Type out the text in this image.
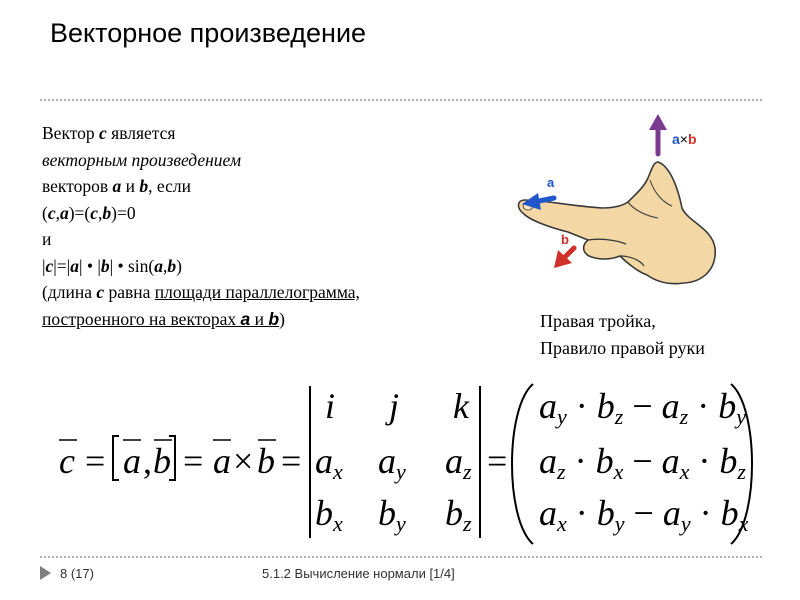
Векторное произведение
Вектор c является
векторным произведением
векторов a и b, если
(c,a)=(c,b)=0
и
|c|=|a| • |b| • sin(a,b)
(длина c равна площади параллелограмма,
построенного на векторах a и b)
a×b
a
b
Правая тройка,
Правило правой руки
c = a , b = a × b =
i j k
ax ay az
bx by bz
=
ay · bz − az · by
az · bx − ax · bz
ax · by − ay · bx
8 (17)	5.1.2 Вычисление нормали [1/4]
